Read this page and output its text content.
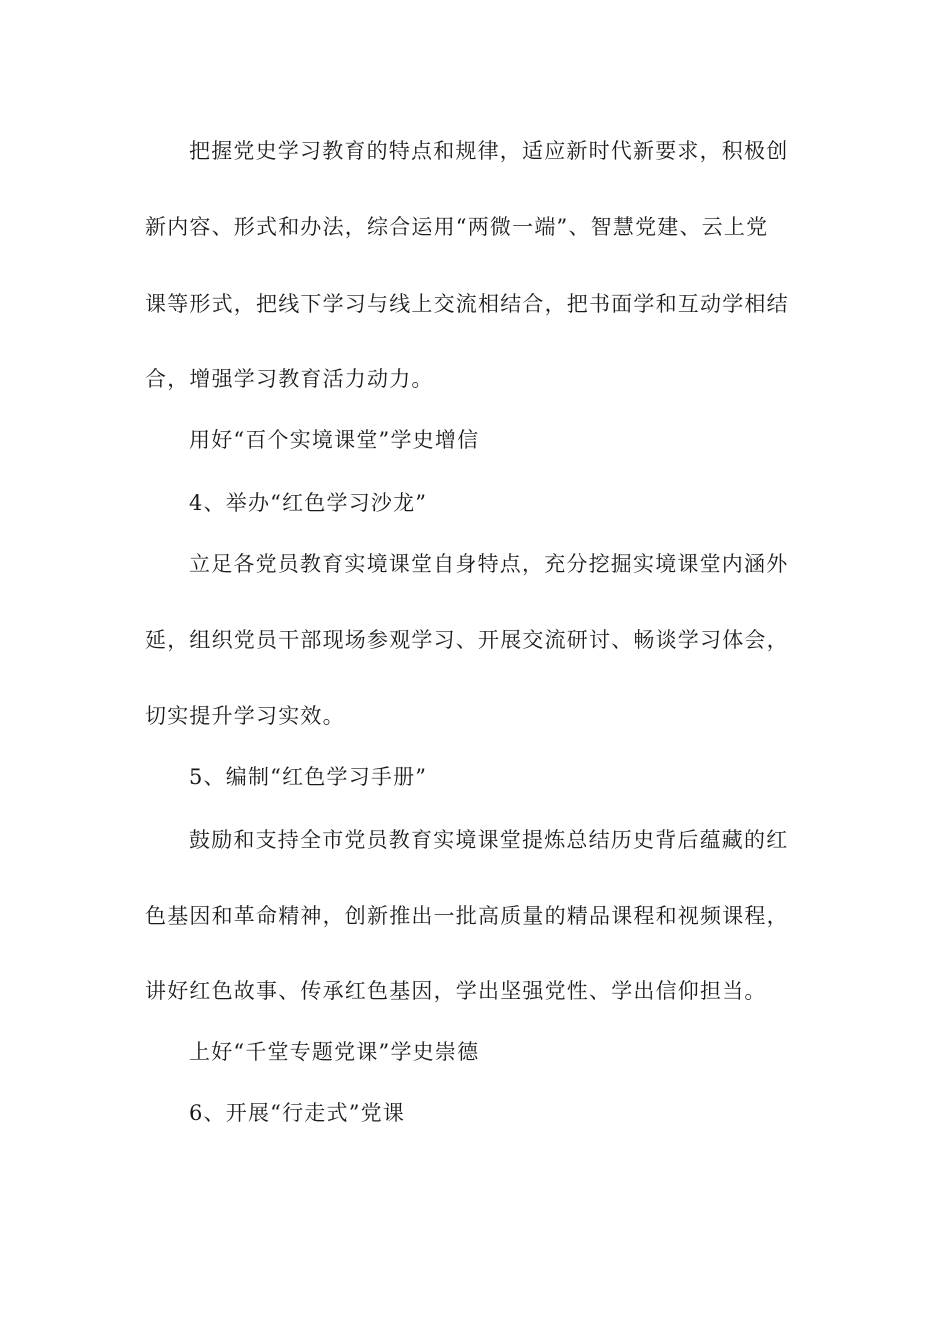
把握党史学习教育的特点和规律，适应新时代新要求，积极创
新内容、形式和办法，综合运用“两微一端”、智慧党建、云上党
课等形式，把线下学习与线上交流相结合，把书面学和互动学相结
合，增强学习教育活力动力。
用好“百个实境课堂”学史增信
4、举办“红色学习沙龙”
立足各党员教育实境课堂自身特点，充分挖掘实境课堂内涵外
延，组织党员干部现场参观学习、开展交流研讨、畅谈学习体会，
切实提升学习实效。
5、编制“红色学习手册”
鼓励和支持全市党员教育实境课堂提炼总结历史背后蕴藏的红
色基因和革命精神，创新推出一批高质量的精品课程和视频课程，
讲好红色故事、传承红色基因，学出坚强党性、学出信仰担当。
上好“千堂专题党课”学史崇德
6、开展“行走式”党课
